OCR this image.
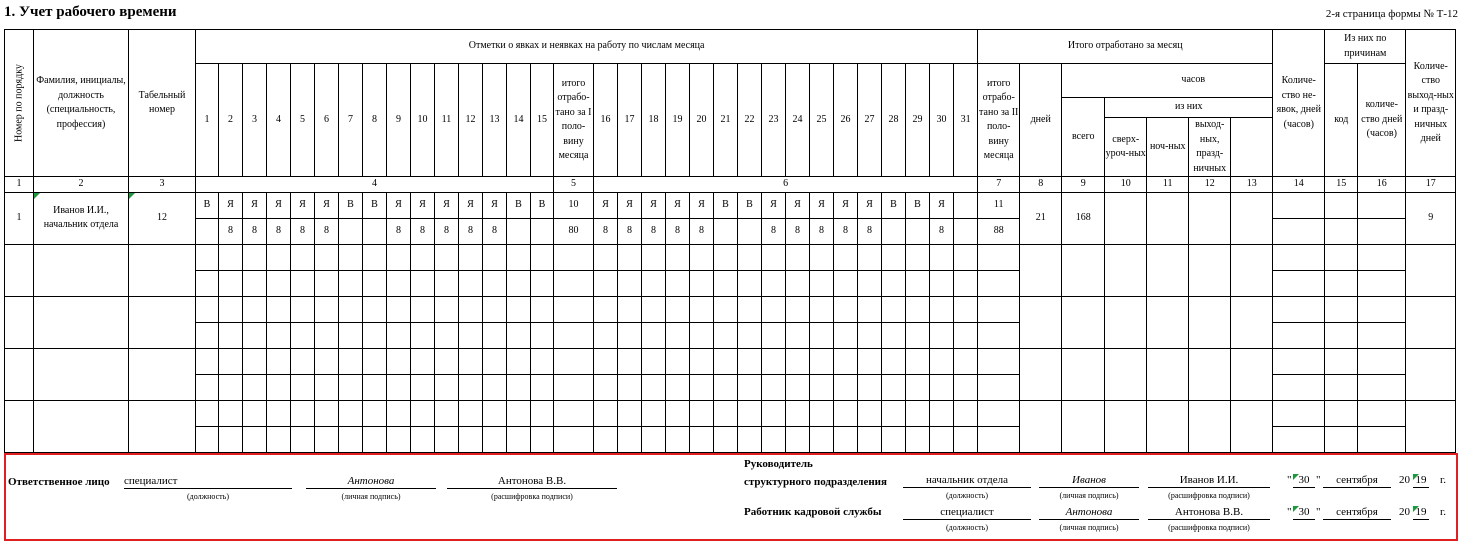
1. Учет рабочего времени	2-я страница формы № Т-12
Номер по порядку	Фамилия, инициалы, должность (специальность, профессия)	Табельный номер	Отметки о явках и неявках на работу по числам месяца																																Итого отработано за месяц							Количе-ство не-явок, дней (часов)	Из них по причинам		Количе-ство выход-ных и празд-ничных дней	
			1	2	3	4	5	6	7	8	9	10	11	12	13	14	15	итого отрабо-тано за I поло-вину месяца	16	17	18	19	20	21	22	23	24	25	26	27	28	29	30	31	итого отрабо-тано за II поло-вину месяца	дней	часов						код	количе-ство дней (часов)		
																																					всего	из них								
																																						сверх-уроч-ных	ноч-ных	выход-ных, празд-ничных						
1	2	3	4															5	6																7	8	9	10	11	12	13	14	15	16	17	
1	Иванов И.И., начальник отдела	12	В	Я	Я	Я	Я	Я	В	В	Я	Я	Я	Я	Я	В	В	10	Я	Я	Я	Я	Я	В	В	Я	Я	Я	Я	Я	В	В	Я		11	21	168								9	
				8	8	8	8	8			8	8	8	8	8			80	8	8	8	8	8			8	8	8	8	8			8		88											

Ответственное лицо специалист
(должность)
Антонова
(личная подпись)
Антонова В.В.
(расшифровка подписи)
Руководитель
структурного подразделения	начальник отдела
(должность)
Иванов
(личная подпись)
Иванов И.И.
(расшифровка подписи)
" 30 "	сентября	20 19 г.
Работник кадровой службы	специалист
(должность)
Антонова
(личная подпись)
Антонова В.В.
(расшифровка подписи)
" 30 "	сентября	20 19 г.
